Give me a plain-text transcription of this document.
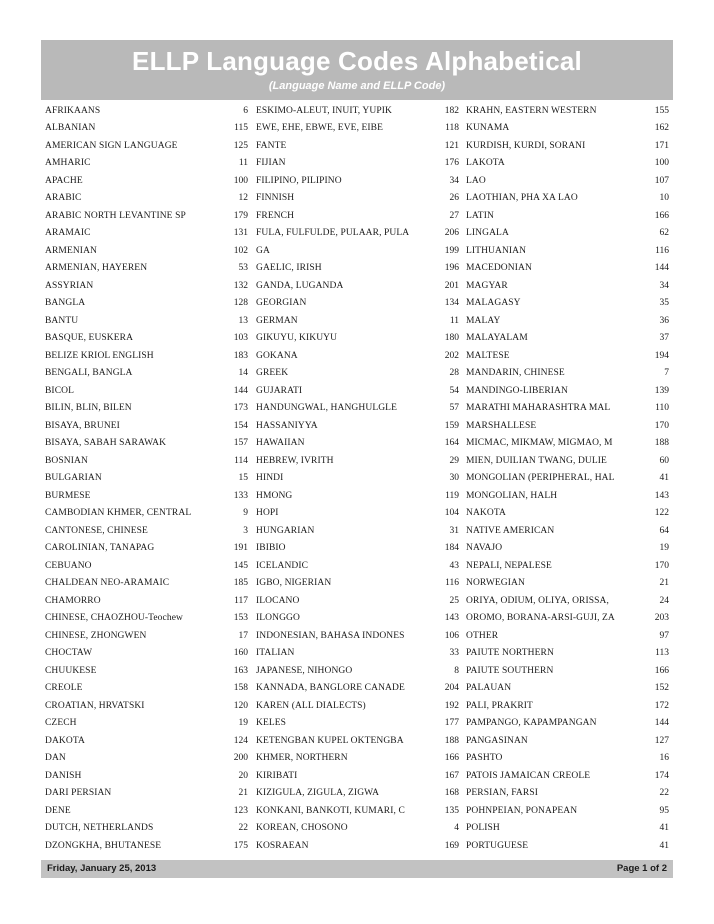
ELLP Language Codes Alphabetical
(Language Name and ELLP Code)
AFRIKAANS	6
ALBANIAN	115
AMERICAN SIGN LANGUAGE	125
AMHARIC	11
APACHE	100
ARABIC	12
ARABIC NORTH LEVANTINE SP	179
ARAMAIC	131
ARMENIAN	102
ARMENIAN, HAYEREN	53
ASSYRIAN	132
BANGLA	128
BANTU	13
BASQUE, EUSKERA	103
BELIZE KRIOL ENGLISH	183
BENGALI, BANGLA	14
BICOL	144
BILIN, BLIN, BILEN	173
BISAYA, BRUNEI	154
BISAYA, SABAH SARAWAK	157
BOSNIAN	114
BULGARIAN	15
BURMESE	133
CAMBODIAN KHMER, CENTRAL	9
CANTONESE, CHINESE	3
CAROLINIAN, TANAPAG	191
CEBUANO	145
CHALDEAN NEO-ARAMAIC	185
CHAMORRO	117
CHINESE, CHAOZHOU-Teochew	153
CHINESE, ZHONGWEN	17
CHOCTAW	160
CHUUKESE	163
CREOLE	158
CROATIAN, HRVATSKI	120
CZECH	19
DAKOTA	124
DAN	200
DANISH	20
DARI PERSIAN	21
DENE	123
DUTCH, NETHERLANDS	22
DZONGKHA, BHUTANESE	175
ESKIMO-ALEUT, INUIT, YUPIK	182
EWE, EHE, EBWE, EVE, EIBE	118
FANTE	121
FIJIAN	176
FILIPINO, PILIPINO	34
FINNISH	26
FRENCH	27
FULA, FULFULDE, PULAAR, PULA	206
GA	199
GAELIC, IRISH	196
GANDA, LUGANDA	201
GEORGIAN	134
GERMAN	11
GIKUYU, KIKUYU	180
GOKANA	202
GREEK	28
GUJARATI	54
HANDUNGWAL, HANGHULGLE	57
HASSANIYYA	159
HAWAIIAN	164
HEBREW, IVRITH	29
HINDI	30
HMONG	119
HOPI	104
HUNGARIAN	31
IBIBIO	184
ICELANDIC	43
IGBO, NIGERIAN	116
ILOCANO	25
ILONGGO	143
INDONESIAN, BAHASA INDONES	106
ITALIAN	33
JAPANESE, NIHONGO	8
KANNADA, BANGLORE CANADE	204
KAREN (ALL DIALECTS)	192
KELES	177
KETENGBAN KUPEL OKTENGBA	188
KHMER, NORTHERN	166
KIRIBATI	167
KIZIGULA, ZIGULA, ZIGWA	168
KONKANI, BANKOTI, KUMARI, C	135
KOREAN, CHOSONO	4
KOSRAEAN	169
KRAHN, EASTERN WESTERN	155
KUNAMA	162
KURDISH, KURDI, SORANI	171
LAKOTA	100
LAO	107
LAOTHIAN, PHA XA LAO	10
LATIN	166
LINGALA	62
LITHUANIAN	116
MACEDONIAN	144
MAGYAR	34
MALAGASY	35
MALAY	36
MALAYALAM	37
MALTESE	194
MANDARIN, CHINESE	7
MANDINGO-LIBERIAN	139
MARATHI MAHARASHTRA MAL	110
MARSHALLESE	170
MICMAC, MIKMAW, MIGMAO, M	188
MIEN, DUILIAN TWANG, DULIE	60
MONGOLIAN (PERIPHERAL, HAL	41
MONGOLIAN, HALH	143
NAKOTA	122
NATIVE AMERICAN	64
NAVAJO	19
NEPALI, NEPALESE	170
NORWEGIAN	21
ORIYA, ODIUM, OLIYA, ORISSA,	24
OROMO, BORANA-ARSI-GUJI, ZA	203
OTHER	97
PAIUTE NORTHERN	113
PAIUTE SOUTHERN	166
PALAUAN	152
PALI, PRAKRIT	172
PAMPANGO, KAPAMPANGAN	144
PANGASINAN	127
PASHTO	16
PATOIS JAMAICAN CREOLE	174
PERSIAN, FARSI	22
POHNPEIAN, PONAPEAN	95
POLISH	41
PORTUGUESE	41
Friday, January 25, 2013	Page 1 of 2
